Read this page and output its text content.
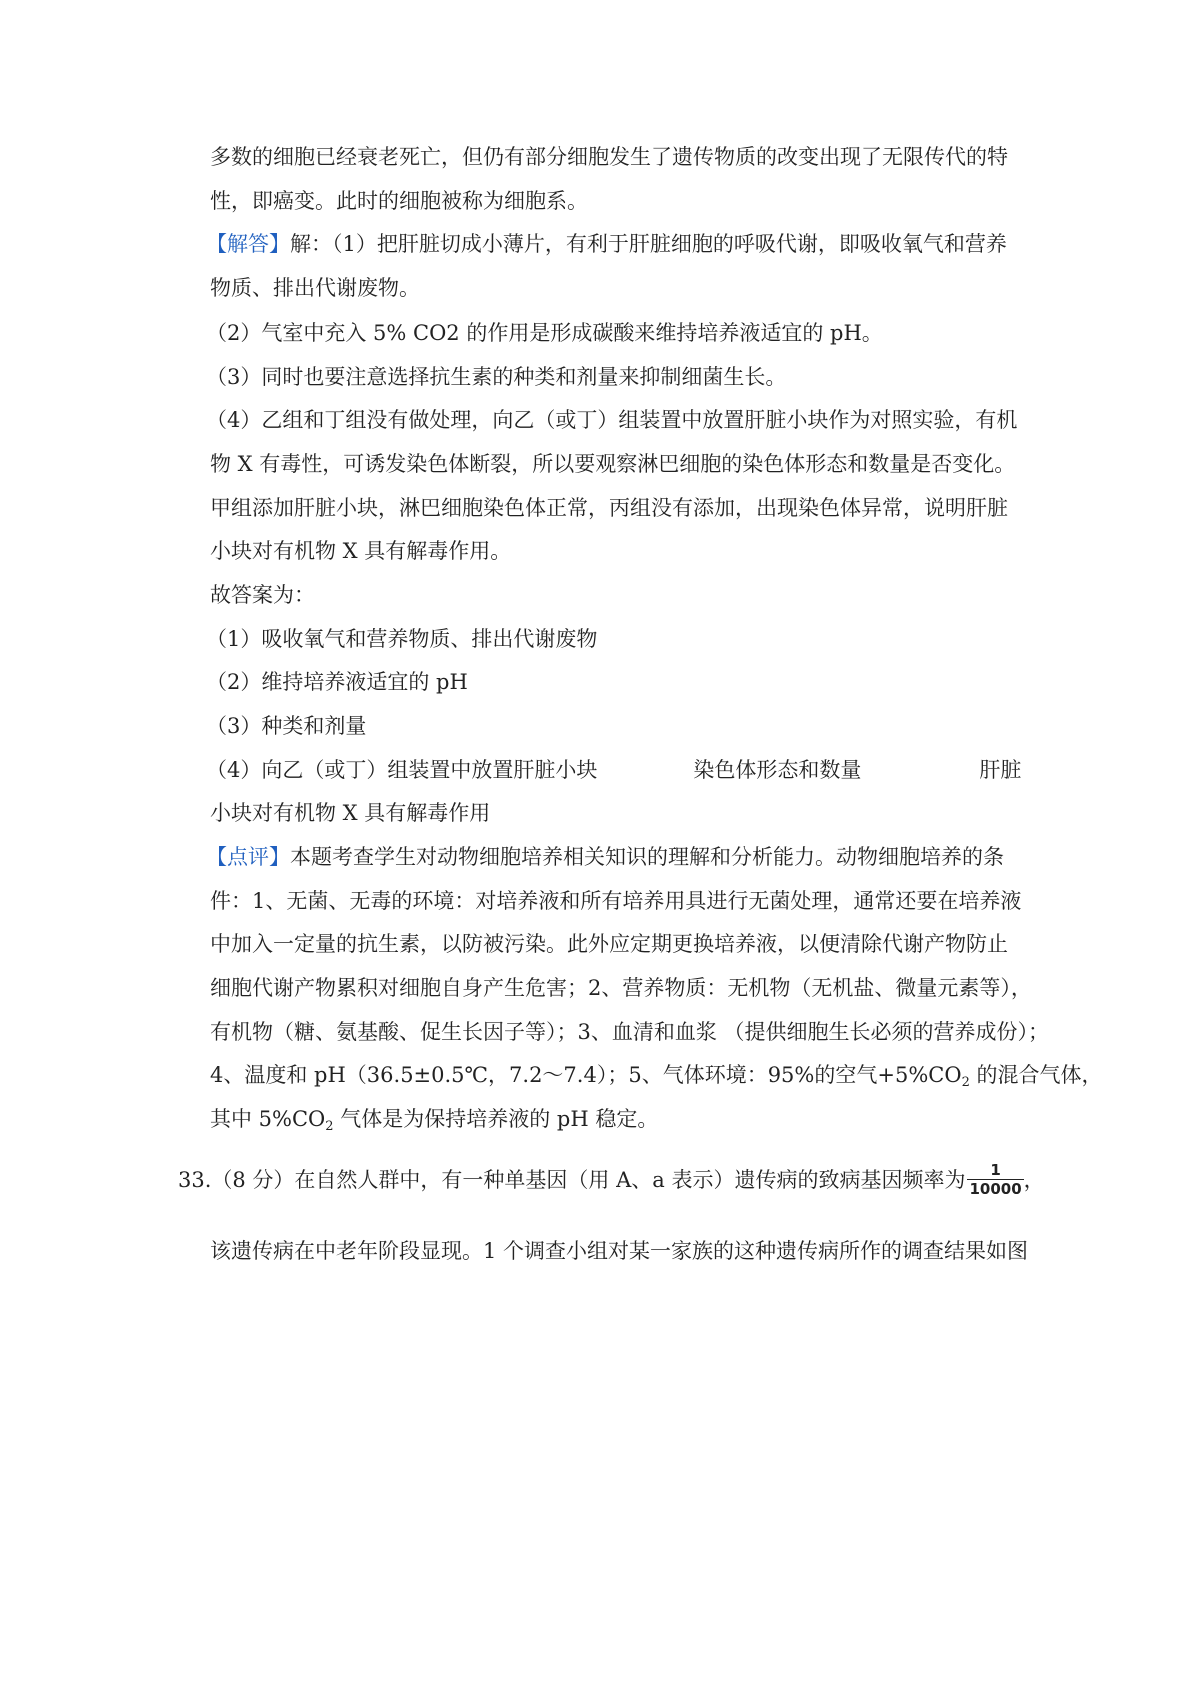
多数的细胞已经衰老死亡，但仍有部分细胞发生了遗传物质的改变出现了无限传代的特
性，即癌变。此时的细胞被称为细胞系。
【解答】解：（1）把肝脏切成小薄片，有利于肝脏细胞的呼吸代谢，即吸收氧气和营养
物质、排出代谢废物。
（2）气室中充入 5% CO2 的作用是形成碳酸来维持培养液适宜的 pH。
（3）同时也要注意选择抗生素的种类和剂量来抑制细菌生长。
（4）乙组和丁组没有做处理，向乙（或丁）组装置中放置肝脏小块作为对照实验，有机
物 X 有毒性，可诱发染色体断裂，所以要观察淋巴细胞的染色体形态和数量是否变化。
甲组添加肝脏小块，淋巴细胞染色体正常，丙组没有添加，出现染色体异常，说明肝脏
小块对有机物 X 具有解毒作用。
故答案为：
（1）吸收氧气和营养物质、排出代谢废物
（2）维持培养液适宜的 pH
（3）种类和剂量
（4）向乙（或丁）组装置中放置肝脏小块	染色体形态和数量	肝脏
小块对有机物 X 具有解毒作用
【点评】本题考查学生对动物细胞培养相关知识的理解和分析能力。动物细胞培养的条
件：1、无菌、无毒的环境：对培养液和所有培养用具进行无菌处理，通常还要在培养液
中加入一定量的抗生素，以防被污染。此外应定期更换培养液，以便清除代谢产物防止
细胞代谢产物累积对细胞自身产生危害；2、营养物质：无机物（无机盐、微量元素等），
有机物（糖、氨基酸、促生长因子等）；3、血清和血浆 （提供细胞生长必须的营养成份）；
4、温度和 pH（36.5±0.5℃，7.2～7.4）；5、气体环境：95%的空气$+5\%CO_2$ 的混合气体，
其中 $5\%CO_2$ 气体是为保持培养液的 pH 稳定。
33.（8 分）在自然人群中，有一种单基因（用 A、a 表示）遗传病的致病基因频率为 $\frac{1}{10000}$ ，
该遗传病在中老年阶段显现。1 个调查小组对某一家族的这种遗传病所作的调查结果如图
